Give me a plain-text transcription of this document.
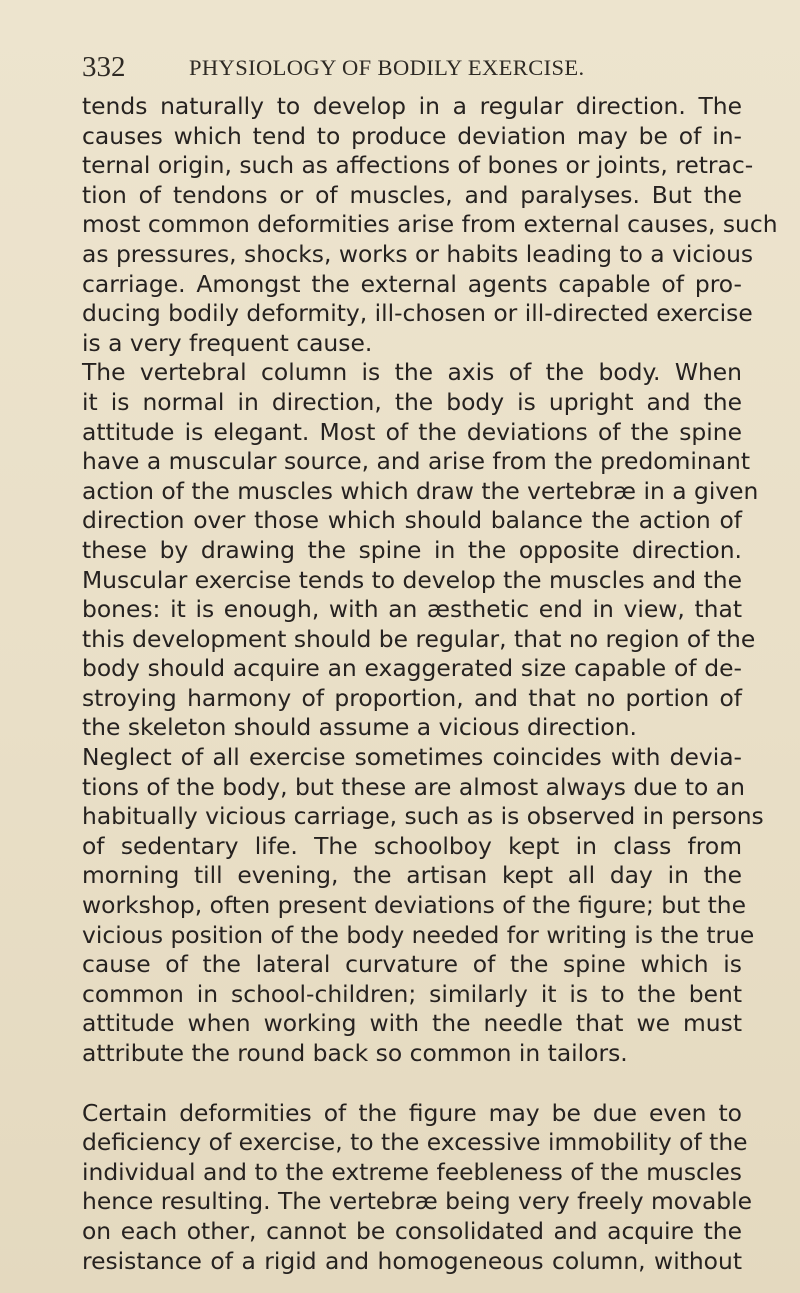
332	PHYSIOLOGY OF BODILY EXERCISE.

tends naturally to develop in a regular direction. The
causes which tend to produce deviation may be of in-
ternal origin, such as affections of bones or joints, retrac-
tion of tendons or of muscles, and paralyses. But the
most common deformities arise from external causes, such
as pressures, shocks, works or habits leading to a vicious
carriage. Amongst the external agents capable of pro-
ducing bodily deformity, ill-chosen or ill-directed exercise
is a very frequent cause.

The vertebral column is the axis of the body. When
it is normal in direction, the body is upright and the
attitude is elegant. Most of the deviations of the spine
have a muscular source, and arise from the predominant
action of the muscles which draw the vertebræ in a given
direction over those which should balance the action of
these by drawing the spine in the opposite direction.
Muscular exercise tends to develop the muscles and the
bones: it is enough, with an æsthetic end in view, that
this development should be regular, that no region of the
body should acquire an exaggerated size capable of de-
stroying harmony of proportion, and that no portion of
the skeleton should assume a vicious direction.

Neglect of all exercise sometimes coincides with devia-
tions of the body, but these are almost always due to an
habitually vicious carriage, such as is observed in persons
of sedentary life. The schoolboy kept in class from
morning till evening, the artisan kept all day in the
workshop, often present deviations of the figure; but the
vicious position of the body needed for writing is the true
cause of the lateral curvature of the spine which is
common in school-children; similarly it is to the bent
attitude when working with the needle that we must
attribute the round back so common in tailors.

Certain deformities of the figure may be due even to
deficiency of exercise, to the excessive immobility of the
individual and to the extreme feebleness of the muscles
hence resulting. The vertebræ being very freely movable
on each other, cannot be consolidated and acquire the
resistance of a rigid and homogeneous column, without
